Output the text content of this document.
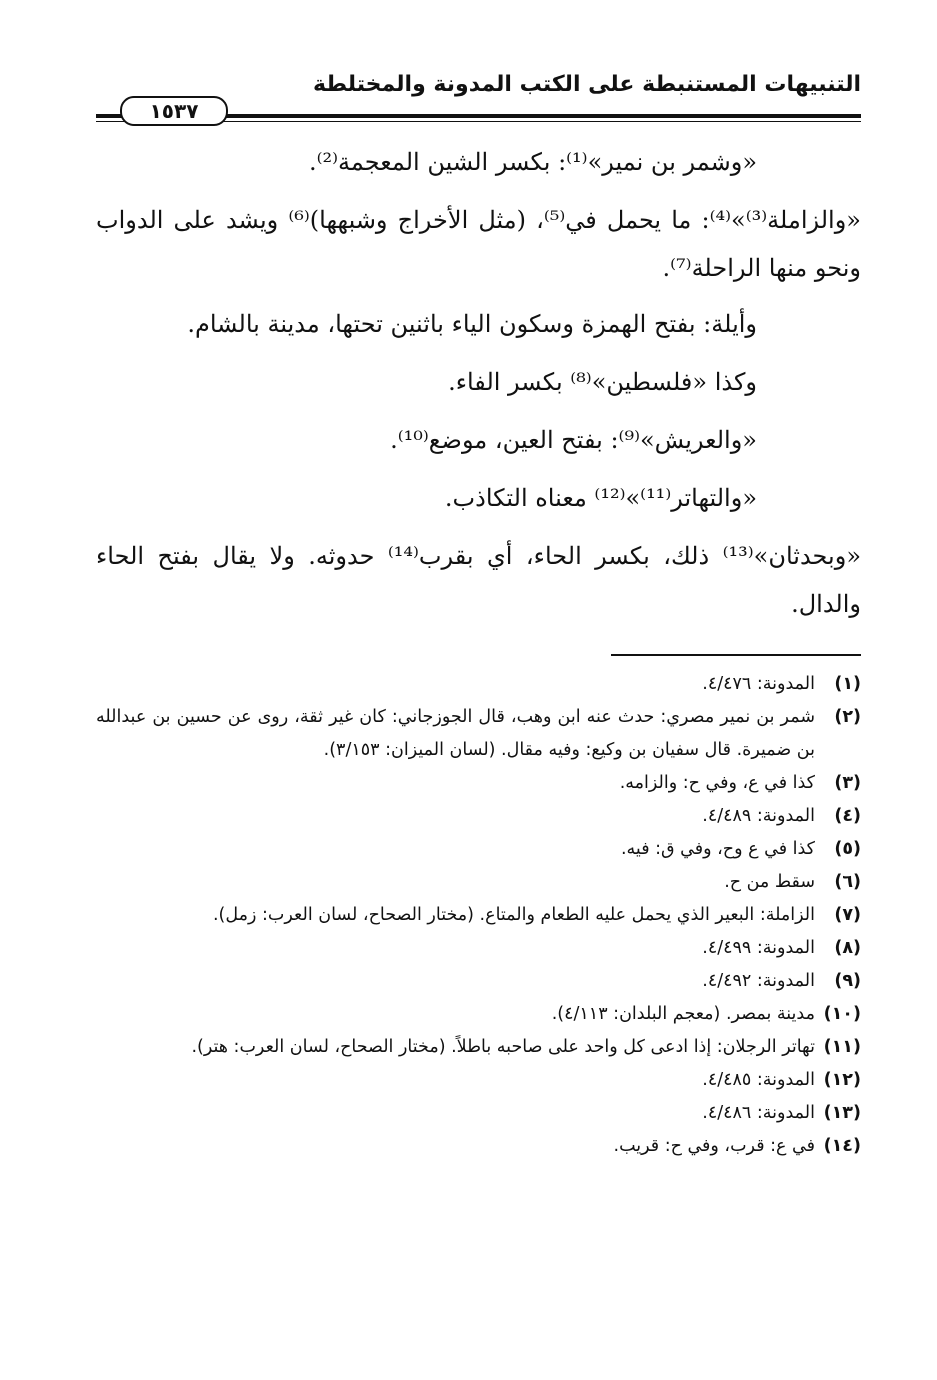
التنبيهات المستنبطة على الكتب المدونة والمختلطة
١٥٣٧

«وشمر بن نمير»⁽¹⁾: بكسر الشين المعجمة⁽²⁾.

«والزاملة⁽³⁾»⁽⁴⁾: ما يحمل في⁽⁵⁾، (مثل الأخراج وشبهها)⁽⁶⁾ ويشد على الدواب ونحو منها الراحلة⁽⁷⁾.

وأيلة: بفتح الهمزة وسكون الياء باثنين تحتها، مدينة بالشام.

وكذا «فلسطين»⁽⁸⁾ بكسر الفاء.

«والعريش»⁽⁹⁾: بفتح العين، موضع⁽¹⁰⁾.

«والتهاتر⁽¹¹⁾»⁽¹²⁾ معناه التكاذب.

«وبحدثان»⁽¹³⁾ ذلك، بكسر الحاء، أي بقرب⁽¹⁴⁾ حدوثه. ولا يقال بفتح الحاء والدال.

(١)
المدونة: ٤/٤٧٦.
(٢)
شمر بن نمير مصري: حدث عنه ابن وهب، قال الجوزجاني: كان غير ثقة، روى عن حسين بن عبدالله بن ضميرة. قال سفيان بن وكيع: وفيه مقال. (لسان الميزان: ٣/١٥٣).
(٣)
كذا في ع، وفي ح: والزامه.
(٤)
المدونة: ٤/٤٨٩.
(٥)
كذا في ع وح، وفي ق: فيه.
(٦)
سقط من ح.
(٧)
الزاملة: البعير الذي يحمل عليه الطعام والمتاع. (مختار الصحاح، لسان العرب: زمل).
(٨)
المدونة: ٤/٤٩٩.
(٩)
المدونة: ٤/٤٩٢.
(١٠)
مدينة بمصر. (معجم البلدان: ٤/١١٣).
(١١)
تهاتر الرجلان: إذا ادعى كل واحد على صاحبه باطلاً. (مختار الصحاح، لسان العرب: هتر).
(١٢)
المدونة: ٤/٤٨٥.
(١٣)
المدونة: ٤/٤٨٦.
(١٤)
في ع: قرب، وفي ح: قريب.
